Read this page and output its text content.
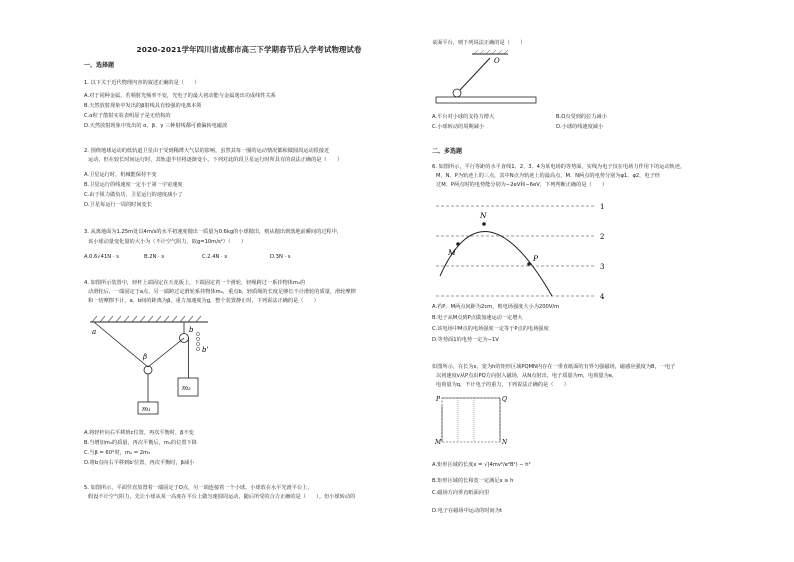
2020-2021学年四川省成都市高三下学期春节后入学考试物理试卷
一、选择题
1. 以下关于近代物理内容的叙述正确的是（　　）
A.对于同种金属，若频射光频率不变，光电子的最大初动能与金属逸出功成线性关系
B.天然放射现象中发出的β射线具有较强的电离本领
C.α粒子散射实验表明原子是无结构的
D.天然放射现象中发出的 α、β、γ 三种射线都可被偏转电磁波
2. 围绕地球运动的低轨道卫星由于受到稀薄大气层的影响，虽然其每一圈的运动情况都和做圆周运动很接近
运动，但在较长时间运行时，其轨道半径将逐渐变小。下列对此阶段卫星运行时所具有的说法正确的是（　　）
A.卫星运行时，机械能保持不变
B.卫星运行的线速度一定小于第一宇宙速度
C.由于阻力做负功，卫星运行的速度减小了
D.卫星每运行一周的时间变长
3. 从离地面为1.25m处以4m/s的水平初速度抛出一质量为0.6kg的小球抛出，则从抛出到落地前瞬间的过程中，
该小球动量变化量的大小为（不计空气阻力，取g=10m/s²）（　　）
A.0.6√41N · s	B.2N · s	C.2.4N · s	D.3N · s
4. 如图所示装置中，轻杆上端固定在天花板上，下端固定着一个滑轮，轻绳跨过一系挂物体m₁的
动滑轮后，一端固定于a点，另一端跨过定滑轮系挂物体m₂，重点b，轻质绳的长度足够长不计滑轮的质量，滑轮摩擦
和一切摩擦不计，a、b间的距离为β，重力加速度为g，整个装置静止时，下列说法正确的是（　　）
a	b
b'
β
m₁
m₂
A.将轻杆向右平移到c位置，再次平衡时，β不变
B.当增加m₂的质量，再次平衡后，m₁的位置下降
C.当β = 60°时，m₁ = 2m₂
D.将b点向右平移到b'位置，再次平衡时，β减小
5. 如图所示，平面竖直放置着一端固定于O点，另一端连接着一个小球，小球放在水平光滑平台上，
假设不计空气阻力，先让小球从某一高度在平台上做匀速圆周运动，随后所受的合力正确的是（　　）。但小球转动的
桌面平台，则下列说法正确的是（　　）
O
A.平台对小球的支持力增大	B.O点受到的拉力减小
C.小球转动的周期减小	D.小球的线速度减小
二、多选题
6. 如图所示，平行等距的水平直线1、2、3、4为某电场的等势面，实线为电子仅在电场力作用下的运动轨迹，
M、N、P为轨迹上的三点，其中N点为轨迹上的最高点，M、N两点的电势分别为φ1、φ2，电子经
过M、P两点时的电势能分别为−2eV和−6eV，下列判断正确的是（　　）
1
2
3
4
N
M
P
A.若P、M两点间距为2cm，则电场强度大小为200V/m
B.电子从M点到P点做加速运动一定增大
C.该电场中M点的电场强度一定等于P点的电场强度
D.等势面1的电势一定为−1V
如图所示，在长为x、宽为h的矩形区域PQMN内存在一垂直纸面的有界匀强磁场，磁感应强度为B，一电子
以初速度v从P点沿PQ方向射入磁场，从N点射出，电子质量为m，电荷量为e，
电荷量为q，不计电子的重力，下列说法正确的是（　　）
P	Q
M	N
A.矩形区域的长度x = √(4mv²/e²B²) − h²
B.矩形区域的长和宽一定满足x ≥ h
C.磁场方向垂直纸面向里
D.电子在磁场中运动的时间为t
